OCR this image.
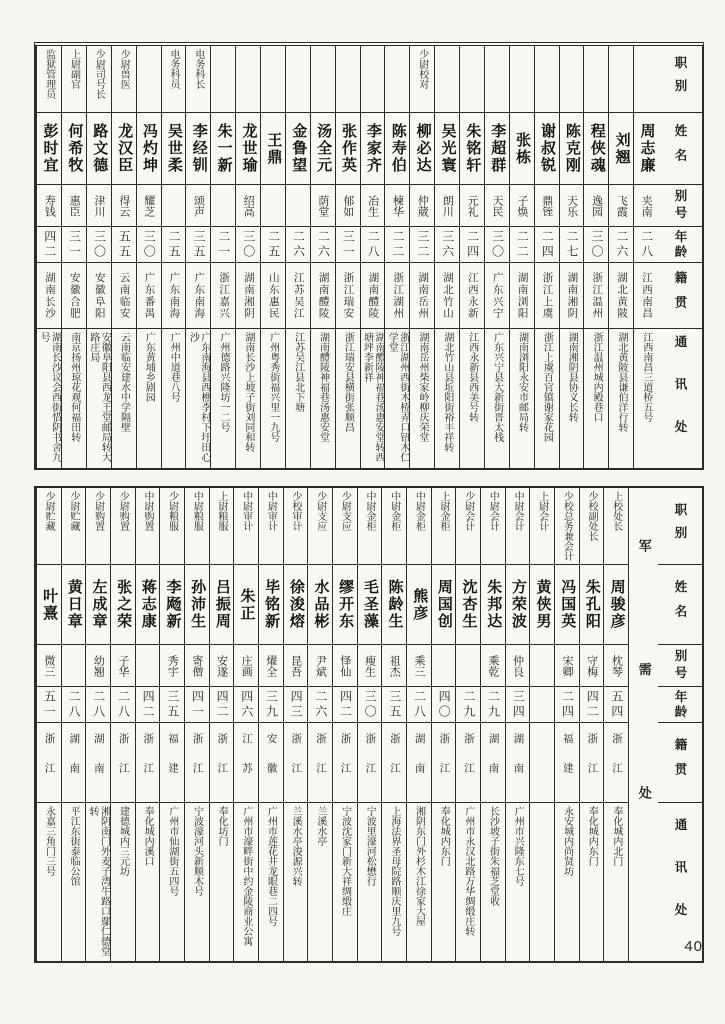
职别
姓名
别号
年龄
籍贯
通讯处
周志廉
夹南
二八
江西南昌
江西南昌三道桥五号
刘翘
飞霞
二六
湖北黄陂
湖北黄陂县谦伯洋行转
程侠魂
逸园
三〇
浙江温州
浙江温州城内殿巷口
陈克刚
天乐
二七
湖南湘阴
湖南湘阴县协义长转
谢叔锐
鼎铚
二四
浙江上虞
浙江上虞百官镇谢家花园
张栋
子焕
二二
湖南浏阳
湖南浏阳永安市邮局转
李超群
天民
三〇
广东兴宁
广东兴宁县大新街晋太栈
朱铭轩
元礼
二四
江西永新
江西永新县西美号转
吴光寰
朗川
三六
湖北竹山
湖北竹山县坵阳街裕丰祥转
少尉校对
柳必达
仲葳
三二
湖南岳州
湖南岳州柴家岭柳庆荣堂
陈寿伯
楝华
二二
浙江湖州
浙江湖州西街木桥弄口钮木仁学堂
李家齐
冶生
二八
湖南醴陵
湖南醴陵神福巷汤惠安堂转西塘坪李新祥
张作英
郁如
三一
浙江瑞安
浙江瑞安县横街张顺昌
汤全元
荫堂
二六
湖南醴陵
湖南醴陵神福巷汤惠安堂
金鲁望
二六
江苏吴江
江苏吴江县北下塘
王鼎
二五
山东惠民
广州粤秀街福兴里一九号
龙世瑜
绍高
三〇
湖南湘阴
湖南长沙上坡子街刘同和转
朱一新
二一
浙江嘉兴
广州德路兴隆坊一二号
电务科长
李经钏
颂声
三五
广东南海
广东南海县西樵李村下圩田心沙
电务科员
吴世柔
二五
广东南海
广州中道巷八号
冯灼坤
耀芝
三〇
广东番禺
广东黄埔乡剧园
少尉兽医
龙汉臣
得云
五五
云南临安
云南临安建水中学隔壁
少尉司号长
路文德
津川
三〇
安徽阜阳
安徽阜阳县西龙王堂邮局转大路庄局
上尉副官
何希牧
惠臣
三一
安徽合肥
南京扬州琼花观何福田转
监狱管理员
彭时宜
寿钱
四二
湖南长沙
湖南长沙议会西街惜阴书舍九号
职别
姓名
别号
年龄
籍贯
通讯处
军需处
上校处长
周骏彦
枕琴
五四
浙江
奉化城内北门
少校副处长
朱孔阳
守梅
四二
浙江
奉化城内东门
少校总务兼会计
冯国英
宋卿
二四
福建
永安城内尚贤坊
上尉会计
黄侠男
中尉会计
方荣波
仲良
三四
湖南
广州市兴隆东七号
中尉会计
朱邦达
乘乾
二九
湖南
长沙坡子街朱福芝堂收
少尉会计
沈杏生
二九
浙江
广州市永汉北路万华绸缎庄转
上尉金柜
周国创
四〇
浙江
奉化城内东门
中尉金柜
熊彦
乘三
二八
湖南
湘阴东门外杉木江徐家大屋
中尉金柜
陈龄生
祖杰
三五
浙江
上海法界圣母院路顺庆里九号
中尉金柜
毛圣藻
瘦生
三〇
浙江
宁波里濠河松懋行
少尉支应
缪开东
怿仙
四二
浙江
宁波沈家门新大祥绸缎庄
少尉支应
水品彬
尹斌
二六
浙江
兰溪水亭
少校审计
徐浚熔
昆吾
四三
浙江
兰溪水亭浚源兴转
中尉审计
毕铭新
燿全
三九
安徽
广州市莲花井龙眼巷二四号
中尉审计
朱正
庄画
四六
江苏
广州市濠畔街中约金陵商业公寓
上尉粮服
吕振周
安遂
四二
浙江
奉化坊门
中尉粮服
孙沛生
寄僧
四一
浙江
宁波濠河头新顺木号
少尉粮服
李飏新
秀宇
三五
福建
广州市仙湖街五四号
中尉购置
蒋志康
四二
浙江
奉化城内溪口
少尉购置
张之荣
子华
二八
浙江
建德城内三元坊
少尉购置
左成章
幼翘
二八
湖南
湘阴南门外麦子湾牛路口鄢仁德堂转
少尉贮藏
黄日章
二八
湖南
平江东街泰临公馆
少尉贮藏
叶熹
微三
五一
浙江
永嘉三角门三号
40
